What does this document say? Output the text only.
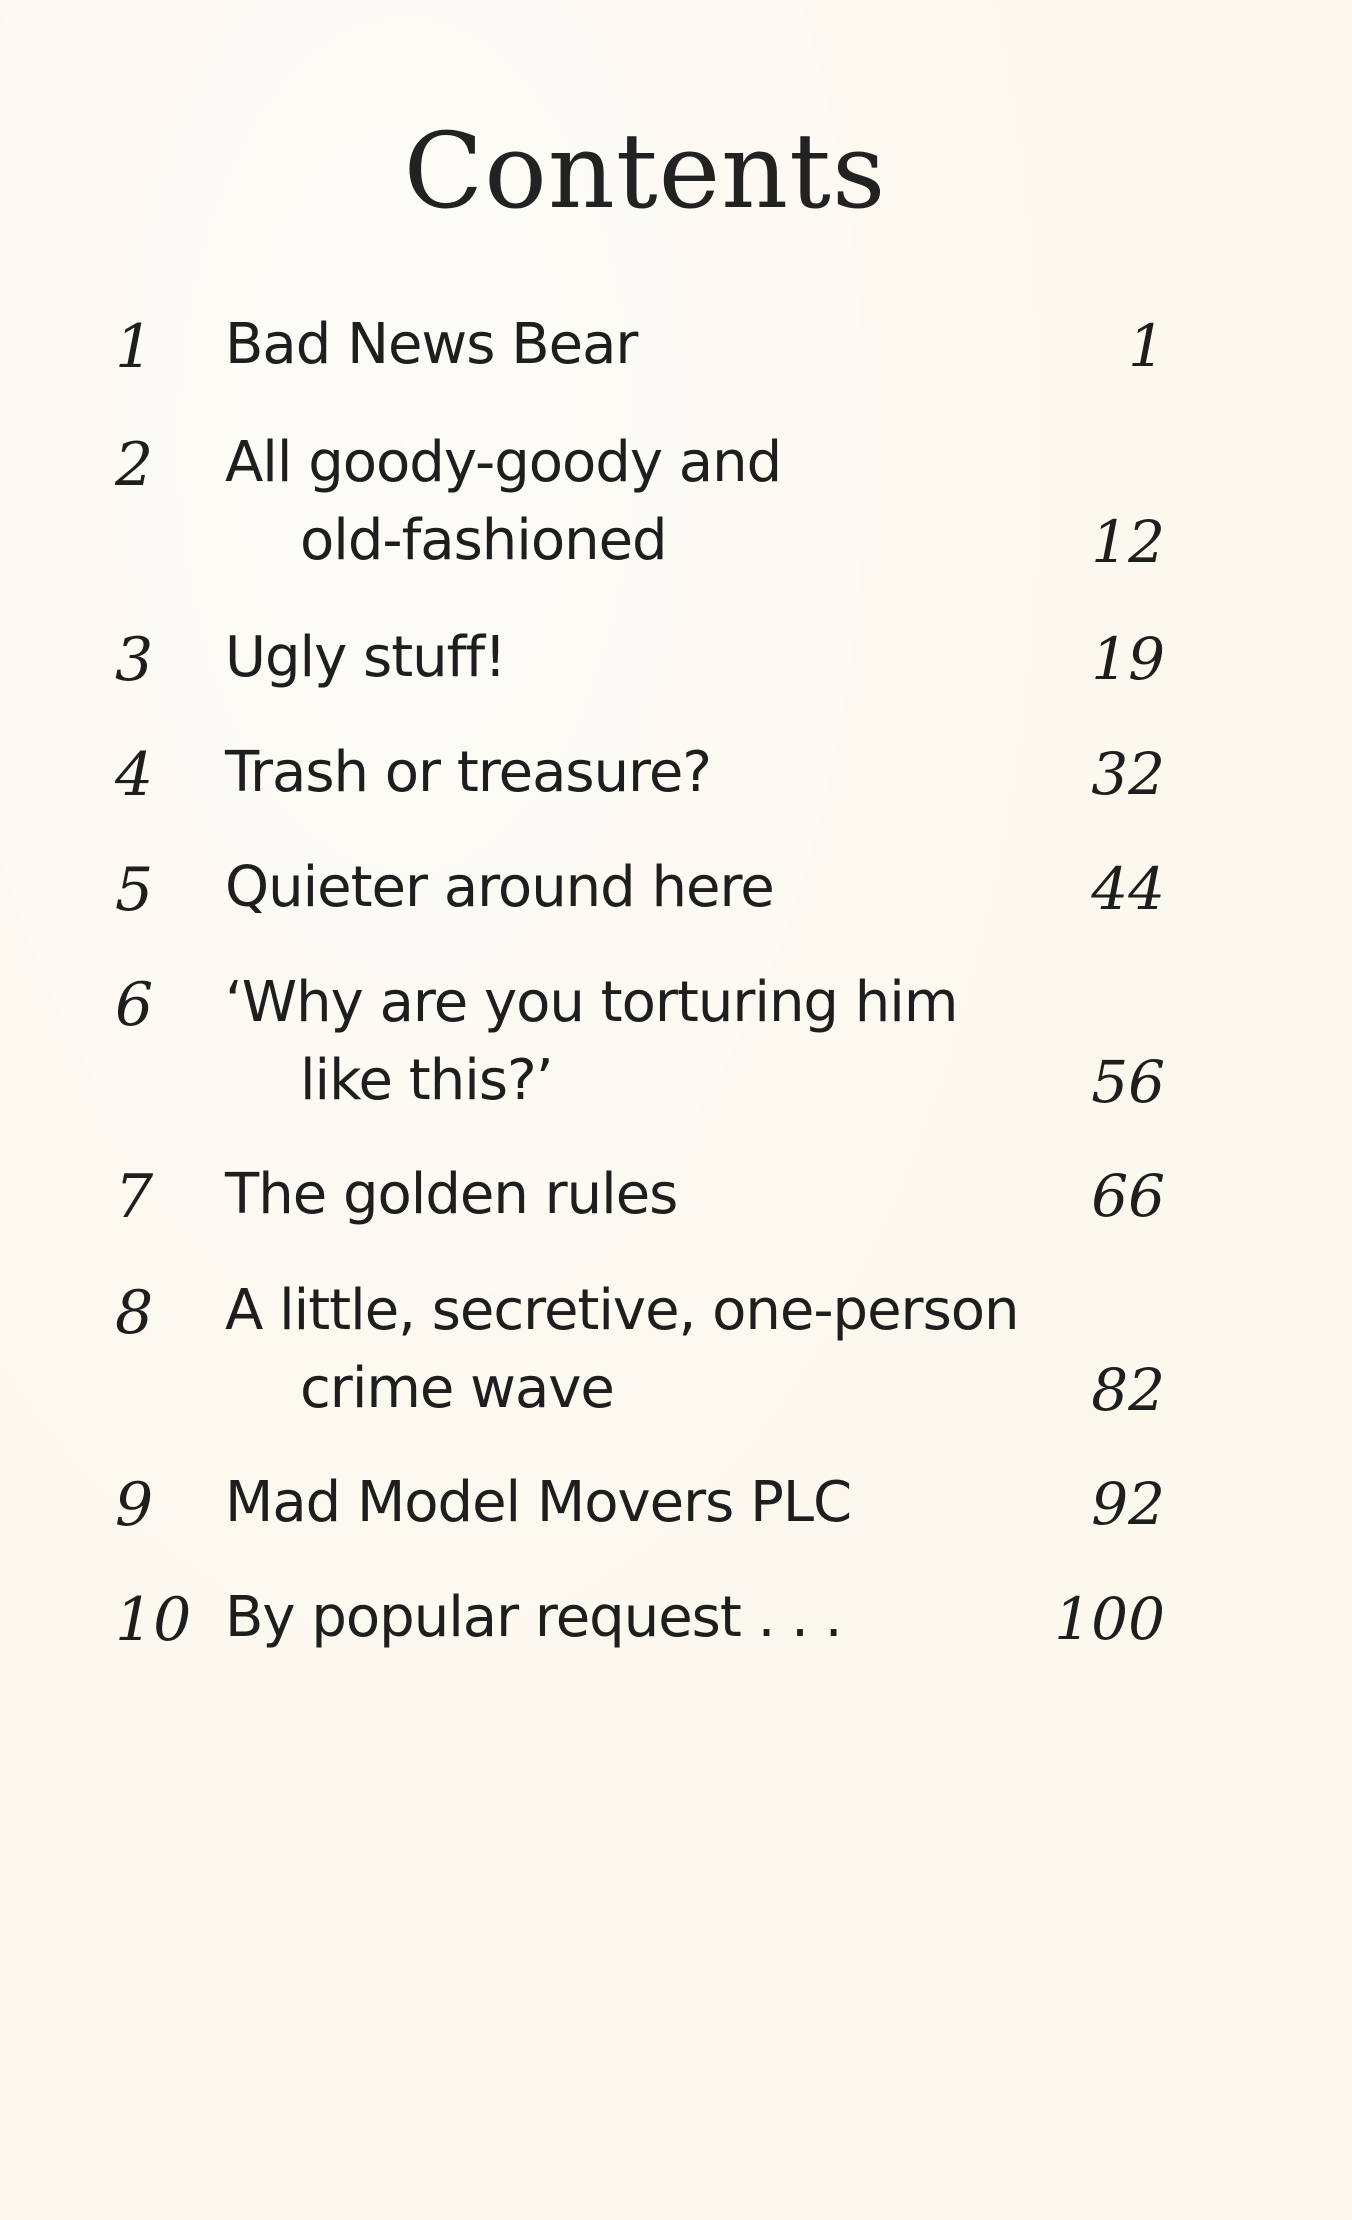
Contents
1	Bad News Bear	1
2	All goody-goody and
old-fashioned	12
3	Ugly stuff!	19
4	Trash or treasure?	32
5	Quieter around here	44
6	‘Why are you torturing him
like this?’	56
7	The golden rules	66
8	A little, secretive, one-person
crime wave	82
9	Mad Model Movers PLC	92
10 By popular request . . .	100
